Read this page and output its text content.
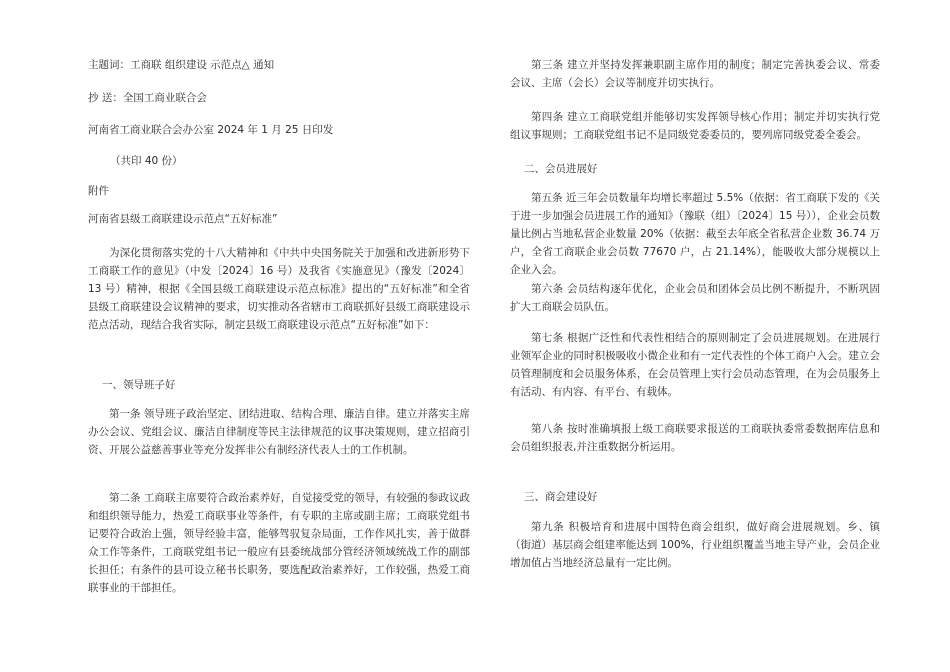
主题词：工商联 组织建设 示范点△ 通知

抄 送：全国工商业联合会

河南省工商业联合会办公室 2024 年 1 月 25 日印发

（共印 40 份）

附件

河南省县级工商联建设示范点“五好标准”

为深化贯彻落实党的十八大精神和《中共中央国务院关于加强和改进新形势下工商联工作的意见》（中发〔2024〕16 号）及我省《实施意见》（豫发〔2024〕13 号）精神，根据《全国县级工商联建设示范点标准》提出的“五好标准”和全省县级工商联建设会议精神的要求，切实推动各省辖市工商联抓好县级工商联建设示范点活动，现结合我省实际，制定县级工商联建设示范点“五好标准”如下：

一、领导班子好

第一条 领导班子政治坚定、团结进取、结构合理、廉洁自律。建立并落实主席办公会议、党组会议、廉洁自律制度等民主法律规范的议事决策规则，建立招商引资、开展公益慈善事业等充分发挥非公有制经济代表人士的工作机制。

第二条 工商联主席要符合政治素养好，自觉接受党的领导，有较强的参政议政和组织领导能力，热爱工商联事业等条件，有专职的主席或副主席；工商联党组书记要符合政治上强，领导经验丰富，能够驾驭复杂局面，工作作风扎实，善于做群众工作等条件，工商联党组书记一般应有县委统战部分管经济领域统战工作的副部长担任；有条件的县可设立秘书长职务，要选配政治素养好，工作较强，热爱工商联事业的干部担任。

第三条 建立并坚持发挥兼职副主席作用的制度；制定完善执委会议、常委会议、主席（会长）会议等制度并切实执行。

第四条 建立工商联党组并能够切实发挥领导核心作用；制定并切实执行党组议事规则；工商联党组书记不是同级党委委员的，要列席同级党委全委会。

二、会员进展好

第五条 近三年会员数量年均增长率超过 5.5%（依据：省工商联下发的《关于进一步加强会员进展工作的通知》（豫联（组）〔2024〕15 号）），企业会员数量比例占当地私营企业数量 20%（依据：截至去年底全省私营企业数 36.74 万户，全省工商联企业会员数 77670 户，占 21.14%），能吸收大部分规模以上企业入会。

第六条 会员结构逐年优化，企业会员和团体会员比例不断提升，不断巩固扩大工商联会员队伍。

第七条 根据广泛性和代表性相结合的原则制定了会员进展规划。在进展行业领军企业的同时积极吸收小微企业和有一定代表性的个体工商户入会。建立会员管理制度和会员服务体系，在会员管理上实行会员动态管理，在为会员服务上有活动、有内容、有平台、有载体。

第八条 按时准确填报上级工商联要求报送的工商联执委常委数据库信息和会员组织报表,并注重数据分析运用。

三、商会建设好

第九条 积极培育和进展中国特色商会组织，做好商会进展规划。乡、镇（街道）基层商会组建率能达到 100%，行业组织覆盖当地主导产业，会员企业增加值占当地经济总量有一定比例。
